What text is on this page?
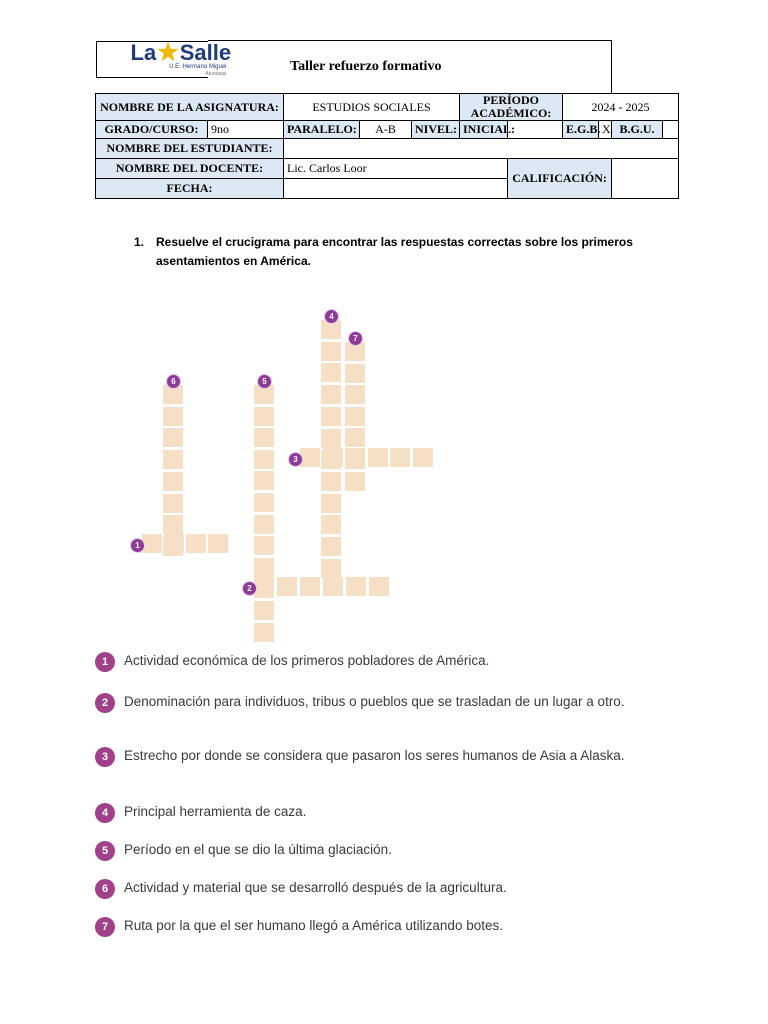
La ★ Salle
U.E. Hermano Miguel
Atuntaqui	Taller refuerzo formativo									
NOMBRE DE LA ASIGNATURA:		ESTUDIOS SOCIALES			PERÍODO ACADÉMICO:		2024 - 2025			
GRADO/CURSO:	9no	PARALELO:	A-B	NIVEL:	INICIAL:		E.G.B.	X	B.G.U.	
NOMBRE DEL ESTUDIANTE:										
NOMBRE DEL DOCENTE:		Lic. Carlos Loor				CALIFICACIÓN:				
FECHA:										
1. Resuelve el crucigrama para encontrar las respuestas correctas sobre los primeros asentamientos en América.
1
2
3
4
5
6
7
1	Actividad económica de los primeros pobladores de América.
2	Denominación para individuos, tribus o pueblos que se trasladan de un lugar a otro.
3	Estrecho por donde se considera que pasaron los seres humanos de Asia a Alaska.
4	Principal herramienta de caza.
5	Período en el que se dio la última glaciación.
6	Actividad y material que se desarrolló después de la agricultura.
7	Ruta por la que el ser humano llegó a América utilizando botes.
